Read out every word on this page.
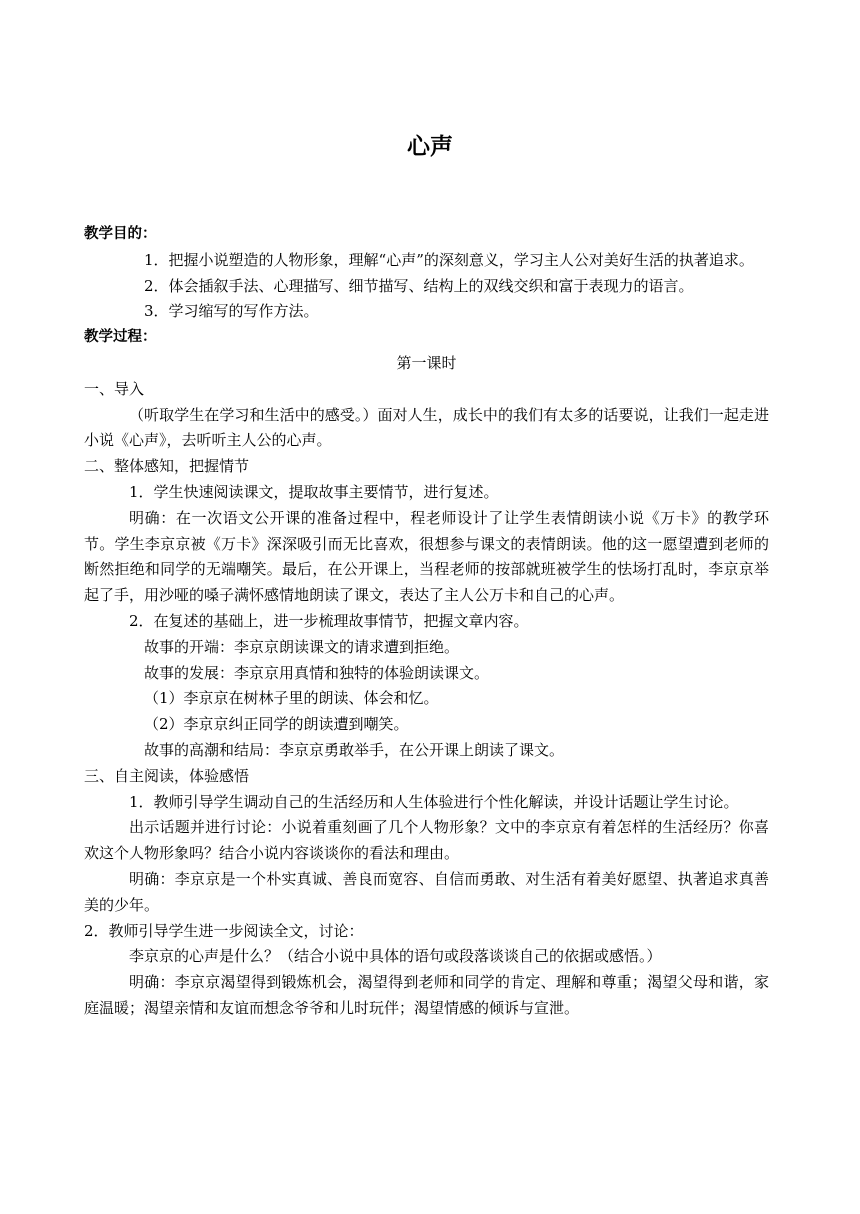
心声

教学目的：

1．把握小说塑造的人物形象，理解“心声”的深刻意义，学习主人公对美好生活的执著追求。

2．体会插叙手法、心理描写、细节描写、结构上的双线交织和富于表现力的语言。

3．学习缩写的写作方法。

教学过程：

第一课时

一、导入

（听取学生在学习和生活中的感受。）面对人生，成长中的我们有太多的话要说，让我们一起走进小说《心声》，去听听主人公的心声。

二、整体感知，把握情节

1．学生快速阅读课文，提取故事主要情节，进行复述。

明确：在一次语文公开课的准备过程中，程老师设计了让学生表情朗读小说《万卡》的教学环节。学生李京京被《万卡》深深吸引而无比喜欢，很想参与课文的表情朗读。他的这一愿望遭到老师的断然拒绝和同学的无端嘲笑。最后，在公开课上，当程老师的按部就班被学生的怯场打乱时，李京京举起了手，用沙哑的嗓子满怀感情地朗读了课文，表达了主人公万卡和自己的心声。

2．在复述的基础上，进一步梳理故事情节，把握文章内容。

故事的开端：李京京朗读课文的请求遭到拒绝。

故事的发展：李京京用真情和独特的体验朗读课文。

（1）李京京在树林子里的朗读、体会和忆。

（2）李京京纠正同学的朗读遭到嘲笑。

故事的高潮和结局：李京京勇敢举手，在公开课上朗读了课文。

三、自主阅读，体验感悟

1．教师引导学生调动自己的生活经历和人生体验进行个性化解读，并设计话题让学生讨论。

出示话题并进行讨论：小说着重刻画了几个人物形象？文中的李京京有着怎样的生活经历？你喜欢这个人物形象吗？结合小说内容谈谈你的看法和理由。

明确：李京京是一个朴实真诚、善良而宽容、自信而勇敢、对生活有着美好愿望、执著追求真善美的少年。

2．教师引导学生进一步阅读全文，讨论：

李京京的心声是什么？（结合小说中具体的语句或段落谈谈自己的依据或感悟。）

明确：李京京渴望得到锻炼机会，渴望得到老师和同学的肯定、理解和尊重；渴望父母和谐，家庭温暖；渴望亲情和友谊而想念爷爷和儿时玩伴；渴望情感的倾诉与宣泄。
